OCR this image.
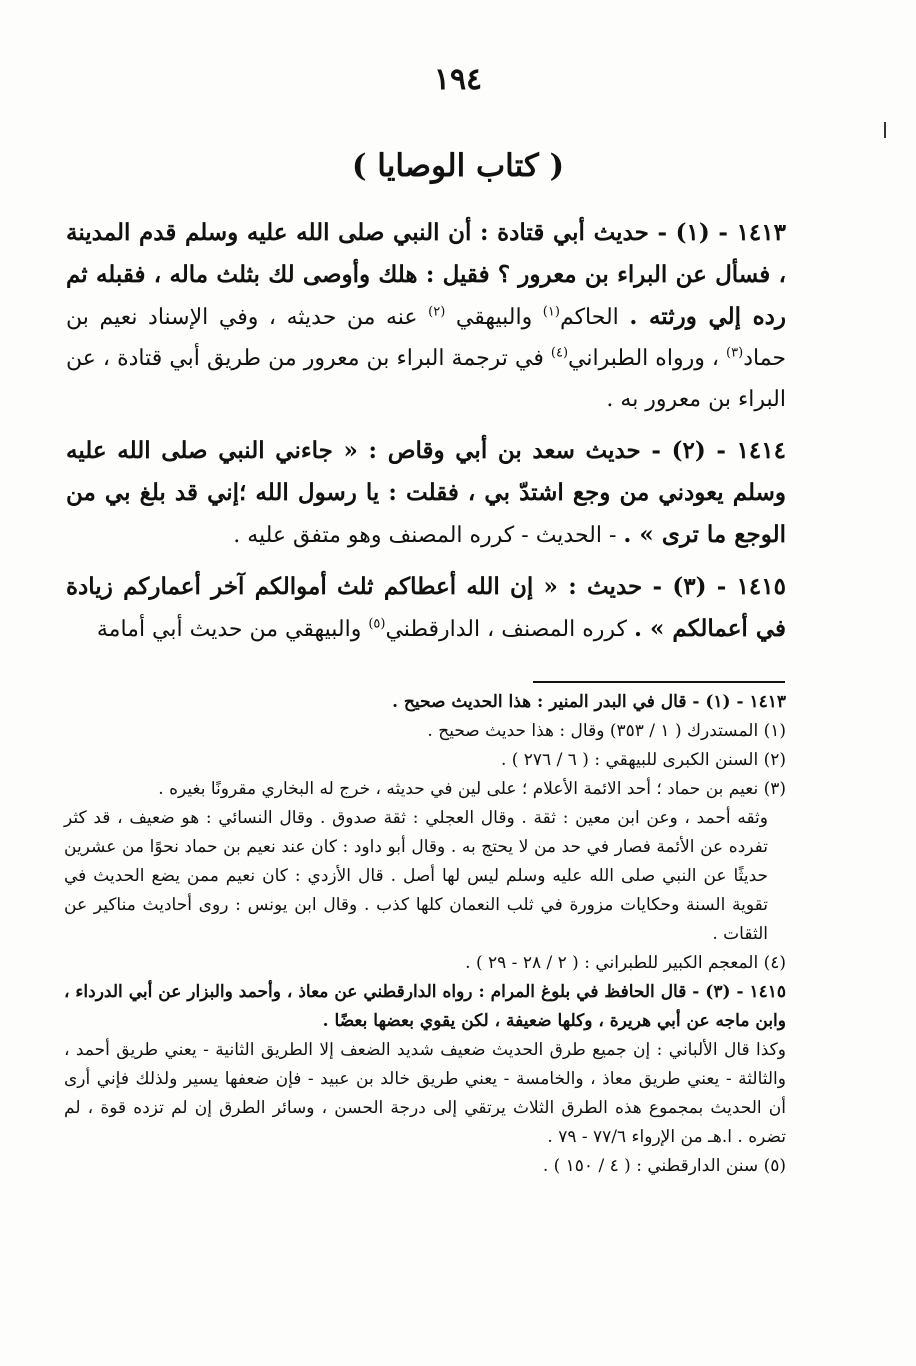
١٩٤
( كتاب الوصايا )

١٤١٣ - (١) - حديث أبي قتادة : أن النبي صلى الله عليه وسلم قدم المدينة ، فسأل عن البراء بن معرور ؟ فقيل : هلك وأوصى لك بثلث ماله ، فقبله ثم رده إلي ورثته . الحاكم$^{(١)}$ والبيهقي $^{(٢)}$ عنه من حديثه ، وفي الإسناد نعيم بن حماد$^{(٣)}$ ، ورواه الطبراني$^{(٤)}$ في ترجمة البراء بن معرور من طريق أبي قتادة ، عن البراء بن معرور به .

١٤١٤ - (٢) - حديث سعد بن أبي وقاص : « جاءني النبي صلى الله عليه وسلم يعودني من وجع اشتدّ بي ، فقلت : يا رسول الله ؛إني قد بلغ بي من الوجع ما ترى » . - الحديث - كرره المصنف وهو متفق عليه .

١٤١٥ - (٣) - حديث : « إن الله أعطاكم ثلث أموالكم آخر أعماركم زيادة في أعمالكم » . كرره المصنف ، الدارقطني$^{(٥)}$ والبيهقي من حديث أبي أمامة

١٤١٣ - (١) - قال في البدر المنير : هذا الحديث صحيح .

(١) المستدرك ( ١ / ٣٥٣) وقال : هذا حديث صحيح .

(٢) السنن الكبرى للبيهقي : ( ٦ / ٢٧٦ ) .

(٣) نعيم بن حماد ؛ أحد الائمة الأعلام ؛ على لين في حديثه ، خرج له البخاري مقرونًا بغيره .

وثقه أحمد ، وعن ابن معين : ثقة . وقال العجلي : ثقة صدوق . وقال النسائي : هو ضعيف ، قد كثر تفرده عن الأئمة فصار في حد من لا يحتج به . وقال أبو داود : كان عند نعيم بن حماد نحوًا من عشرين حديثًا عن النبي صلى الله عليه وسلم ليس لها أصل . قال الأزدي : كان نعيم ممن يضع الحديث في تقوية السنة وحكايات مزورة في ثلب النعمان كلها كذب . وقال ابن يونس : روى أحاديث مناكير عن الثقات .

(٤) المعجم الكبير للطبراني : ( ٢ / ٢٨ - ٢٩ ) .

١٤١٥ - (٣) - قال الحافظ في بلوغ المرام : رواه الدارقطني عن معاذ ، وأحمد والبزار عن أبي الدرداء ، وابن ماجه عن أبي هريرة ، وكلها ضعيفة ، لكن يقوي بعضها بعضًا .

وكذا قال الألباني : إن جميع طرق الحديث ضعيف شديد الضعف إلا الطريق الثانية - يعني طريق أحمد ، والثالثة - يعني طريق معاذ ، والخامسة - يعني طريق خالد بن عبيد - فإن ضعفها يسير ولذلك فإني أرى أن الحديث بمجموع هذه الطرق الثلاث يرتقي إلى درجة الحسن ، وسائر الطرق إن لم تزده قوة ، لم تضره . ا.هـ من الإرواء ٧٧/٦ - ٧٩ .

(٥) سنن الدارقطني : ( ٤ / ١٥٠ ) .
